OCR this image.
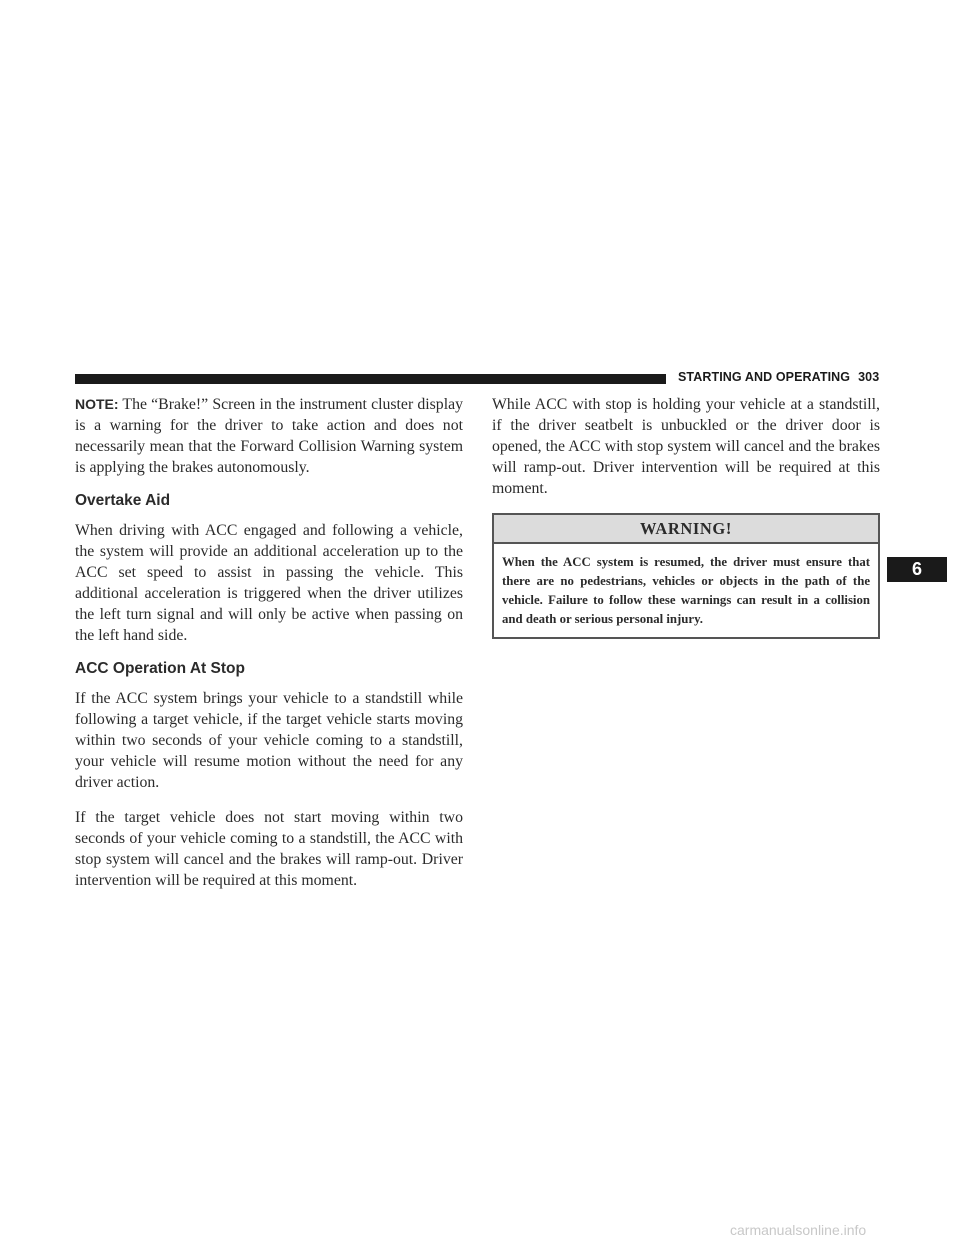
STARTING AND OPERATING 303

NOTE: The “Brake!” Screen in the instrument cluster display is a warning for the driver to take action and does not necessarily mean that the Forward Collision Warning system is applying the brakes autonomously.

Overtake Aid

When driving with ACC engaged and following a vehicle, the system will provide an additional acceleration up to the ACC set speed to assist in passing the vehicle. This additional acceleration is triggered when the driver utilizes the left turn signal and will only be active when passing on the left hand side.

ACC Operation At Stop

If the ACC system brings your vehicle to a standstill while following a target vehicle, if the target vehicle starts moving within two seconds of your vehicle coming to a standstill, your vehicle will resume motion without the need for any driver action.

If the target vehicle does not start moving within two seconds of your vehicle coming to a standstill, the ACC with stop system will cancel and the brakes will ramp-out. Driver intervention will be required at this moment.

While ACC with stop is holding your vehicle at a standstill, if the driver seatbelt is unbuckled or the driver door is opened, the ACC with stop system will cancel and the brakes will ramp-out. Driver intervention will be required at this moment.

WARNING!
When the ACC system is resumed, the driver must ensure that there are no pedestrians, vehicles or objects in the path of the vehicle. Failure to follow these warnings can result in a collision and death or serious personal injury.
6
carmanualsonline.info
